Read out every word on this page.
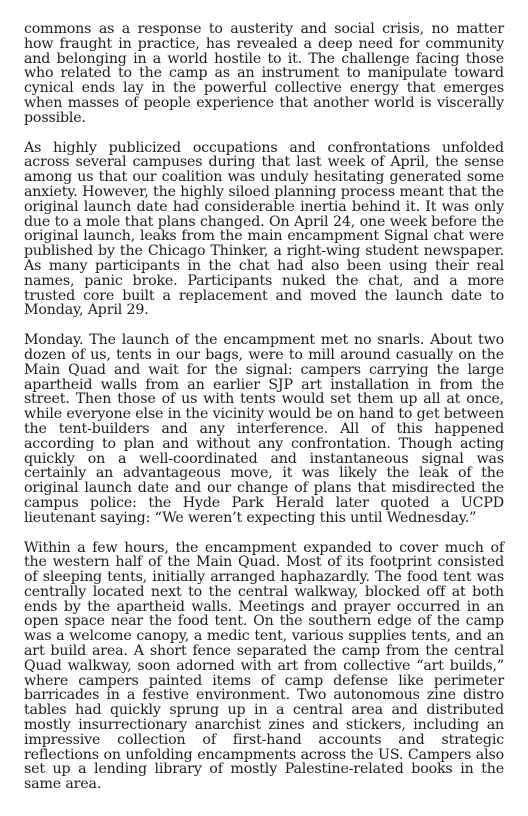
commons as a response to austerity and social crisis, no matter how fraught in practice, has revealed a deep need for community and belonging in a world hostile to it. The challenge facing those who related to the camp as an instrument to manipulate toward cynical ends lay in the powerful collective energy that emerges when masses of people experience that another world is viscerally possible.

As highly publicized occupations and confrontations unfolded across several campuses during that last week of April, the sense among us that our coalition was unduly hesitating generated some anxiety. However, the highly siloed planning process meant that the original launch date had considerable inertia behind it. It was only due to a mole that plans changed. On April 24, one week before the original launch, leaks from the main encampment Signal chat were published by the Chicago Thinker, a right-wing student newspaper. As many participants in the chat had also been using their real names, panic broke. Participants nuked the chat, and a more trusted core built a replacement and moved the launch date to Monday, April 29.

Monday. The launch of the encampment met no snarls. About two dozen of us, tents in our bags, were to mill around casually on the Main Quad and wait for the signal: campers carrying the large apartheid walls from an earlier SJP art installation in from the street. Then those of us with tents would set them up all at once, while everyone else in the vicinity would be on hand to get between the tent-builders and any interference. All of this happened according to plan and without any confrontation. Though acting quickly on a well-coordinated and instantaneous signal was certainly an advantageous move, it was likely the leak of the original launch date and our change of plans that misdirected the campus police: the Hyde Park Herald later quoted a UCPD lieutenant saying: “We weren’t expecting this until Wednesday.”

Within a few hours, the encampment expanded to cover much of the western half of the Main Quad. Most of its footprint consisted of sleeping tents, initially arranged haphazardly. The food tent was centrally located next to the central walkway, blocked off at both ends by the apartheid walls. Meetings and prayer occurred in an open space near the food tent. On the southern edge of the camp was a welcome canopy, a medic tent, various supplies tents, and an art build area. A short fence separated the camp from the central Quad walkway, soon adorned with art from collective “art builds,” where campers painted items of camp defense like perimeter barricades in a festive environment. Two autonomous zine distro tables had quickly sprung up in a central area and distributed mostly insurrectionary anarchist zines and stickers, including an impressive collection of first-hand accounts and strategic reflections on unfolding encampments across the US. Campers also set up a lending library of mostly Palestine-related books in the same area.
